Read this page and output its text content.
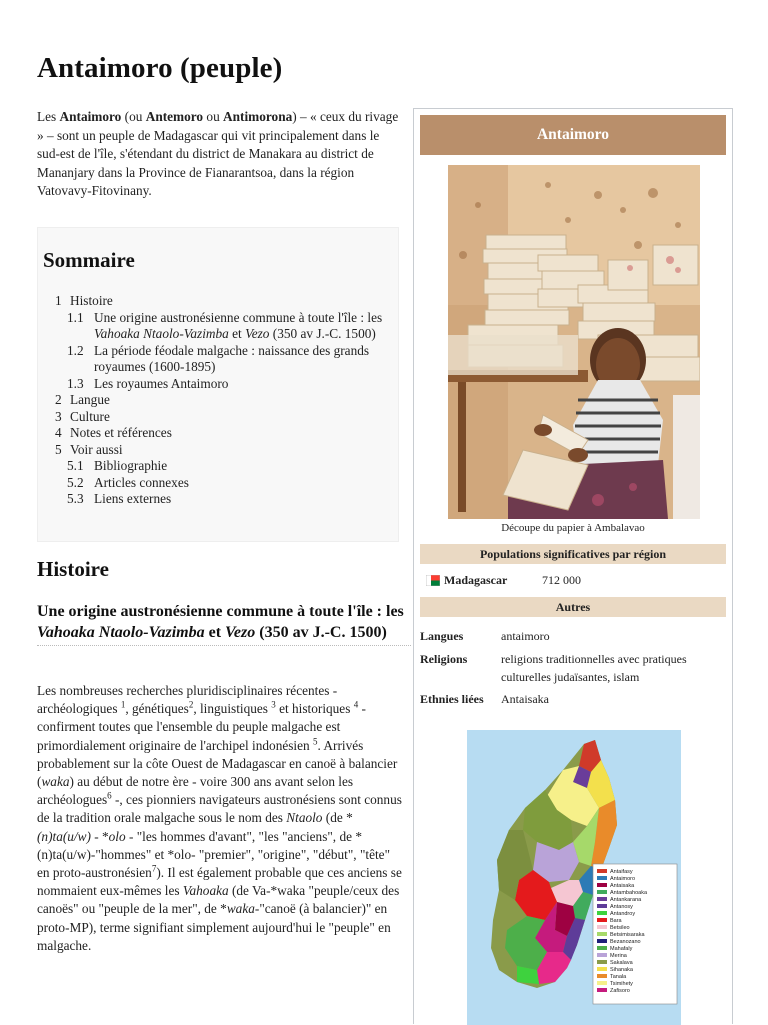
Antaimoro (peuple)

Les Antaimoro (ou Antemoro ou Antimorona) – « ceux du rivage » – sont un peuple de Madagascar qui vit principalement dans le sud-est de l'île, s'étendant du district de Manakara au district de Mananjary dans la Province de Fianarantsoa, dans la région Vatovavy-Fitovinany.

Sommaire
1 Histoire
1.1 Une origine austronésienne commune à toute l'île : les Vahoaka Ntaolo-Vazimba et Vezo (350 av J.-C. 1500)
1.2 La période féodale malgache : naissance des grands royaumes (1600-1895)
1.3 Les royaumes Antaimoro
2 Langue
3 Culture
4 Notes et références
5 Voir aussi
5.1 Bibliographie
5.2 Articles connexes
5.3 Liens externes
Histoire
Une origine austronésienne commune à toute l'île : les Vahoaka Ntaolo-Vazimba et Vezo (350 av J.-C. 1500)

Les nombreuses recherches pluridisciplinaires récentes - archéologiques $^1$, génétiques$^2$, linguistiques $^3$ et historiques $^4$ - confirment toutes que l'ensemble du peuple malgache est primordialement originaire de l'archipel indonésien $^5$. Arrivés probablement sur la côte Ouest de Madagascar en canoë à balancier (waka) au début de notre ère - voire 300 ans avant selon les archéologues$^6$ -, ces pionniers navigateurs austronésiens sont connus de la tradition orale malgache sous le nom des Ntaolo (de *(n)ta(u/w) - *olo - "les hommes d'avant", "les "anciens", de *(n)ta(u/w)-"hommes" et *olo- "premier", "origine", "début", "tête" en proto-austronésien$^7$). Il est également probable que ces anciens se nommaient eux-mêmes les Vahoaka (de Va-*waka "peuple/ceux des canoës" ou "peuple de la mer", de *waka-"canoë (à balancier)" en proto-MP), terme signifiant simplement aujourd'hui le "peuple" en malgache.

Antaimoro
Découpe du papier à Ambalavao
Populations significatives par région
Madagascar	712 000
Autres
Langues	antaimoro
Religions	religions traditionnelles avec pratiques culturelles judaïsantes, islam
Ethnies liées	Antaisaka
Antaifasy
Antaimoro
Antaisaka
Antambahoaka
Antankarana
Antanosy
Antandroy
Bara
Betsileo
Betsimisaraka
Bezanozano
Mahafaly
Merina
Sakalava
Sihanaka
Tanala
Tsimihety
Zafisoro
